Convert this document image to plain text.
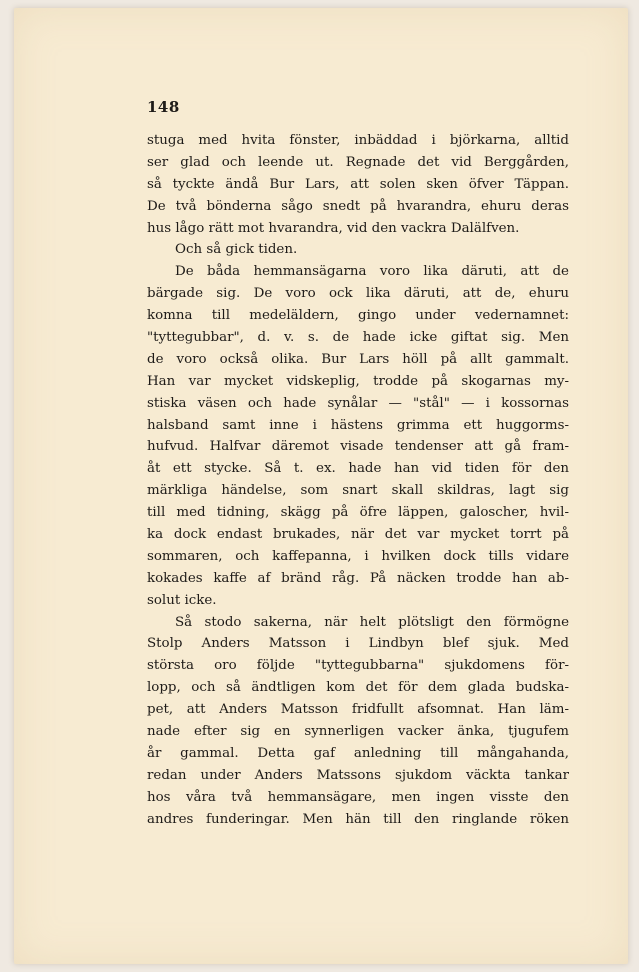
148
stuga med hvita fönster, inbäddad i björkarna, alltid
ser glad och leende ut. Regnade det vid Berggården,
så tyckte ändå Bur Lars, att solen sken öfver Täppan.
De två bönderna sågo snedt på hvarandra, ehuru deras
hus lågo rätt mot hvarandra, vid den vackra Dalälfven.
Och så gick tiden.
De båda hemmansägarna voro lika däruti, att de
bärgade sig. De voro ock lika däruti, att de, ehuru
komna till medeläldern, gingo under vedernamnet:
"tyttegubbar", d. v. s. de hade icke giftat sig. Men
de voro också olika. Bur Lars höll på allt gammalt.
Han var mycket vidskeplig, trodde på skogarnas my-
stiska väsen och hade synålar — "stål" — i kossornas
halsband samt inne i hästens grimma ett huggorms-
hufvud. Halfvar däremot visade tendenser att gå fram-
åt ett stycke. Så t. ex. hade han vid tiden för den
märkliga händelse, som snart skall skildras, lagt sig
till med tidning, skägg på öfre läppen, galoscher, hvil-
ka dock endast brukades, när det var mycket torrt på
sommaren, och kaffepanna, i hvilken dock tills vidare
kokades kaffe af bränd råg. På näcken trodde han ab-
solut icke.
Så stodo sakerna, när helt plötsligt den förmögne
Stolp Anders Matsson i Lindbyn blef sjuk. Med
största oro följde "tyttegubbarna" sjukdomens för-
lopp, och så ändtligen kom det för dem glada budska-
pet, att Anders Matsson fridfullt afsomnat. Han läm-
nade efter sig en synnerligen vacker änka, tjugufem
år gammal. Detta gaf anledning till mångahanda,
redan under Anders Matssons sjukdom väckta tankar
hos våra två hemmansägare, men ingen visste den
andres funderingar. Men hän till den ringlande röken
